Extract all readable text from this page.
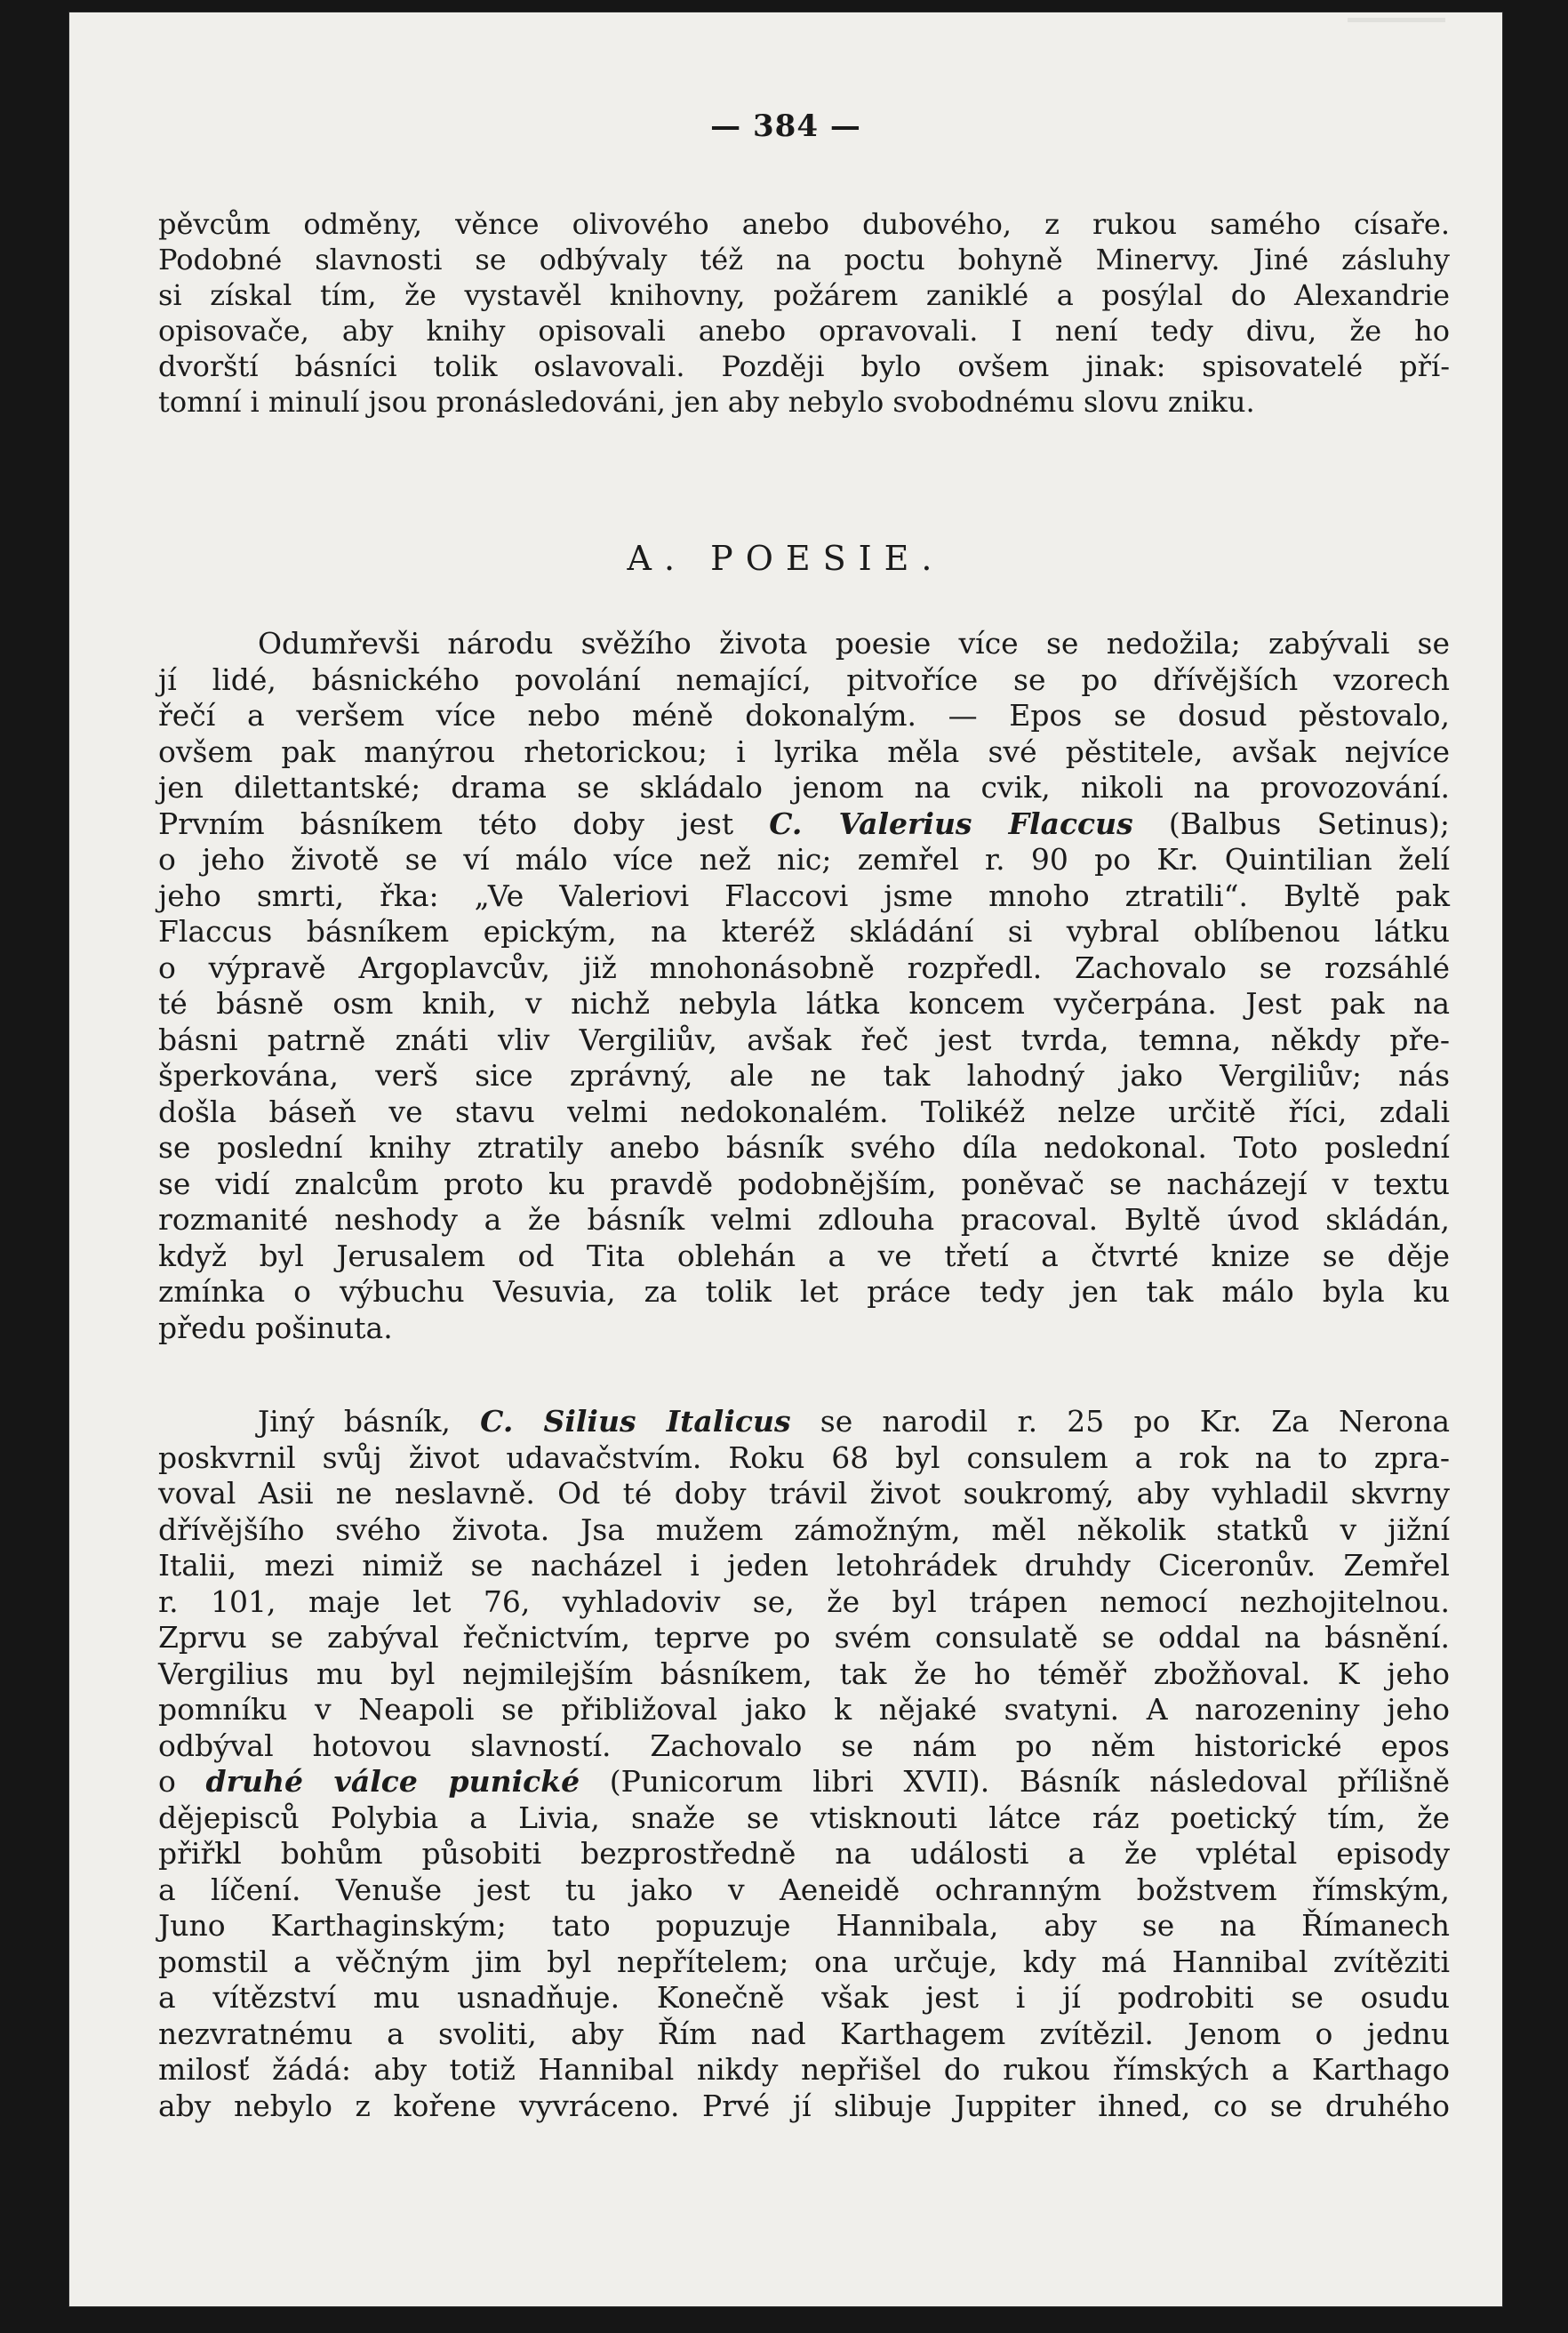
— 384 —
pěvcům odměny, věnce olivového anebo dubového, z rukou samého císaře.
Podobné slavnosti se odbývaly též na poctu bohyně Minervy. Jiné zásluhy
si získal tím, že vystavěl knihovny, požárem zaniklé a posýlal do Alexandrie
opisovače, aby knihy opisovali anebo opravovali. I není tedy divu, že ho
dvorští básníci tolik oslavovali. Později bylo ovšem jinak: spisovatelé pří-
tomní i minulí jsou pronásledováni, jen aby nebylo svobodnému slovu zniku.
A. POESIE.
Odumřevši národu svěžího života poesie více se nedožila; zabývali se
jí lidé, básnického povolání nemající, pitvoříce se po dřívějších vzorech
řečí a veršem více nebo méně dokonalým. — Epos se dosud pěstovalo,
ovšem pak manýrou rhetorickou; i lyrika měla své pěstitele, avšak nejvíce
jen dilettantské; drama se skládalo jenom na cvik, nikoli na provozování.
Prvním básníkem této doby jest C. Valerius Flaccus (Balbus Setinus);
o jeho životě se ví málo více než nic; zemřel r. 90 po Kr. Quintilian želí
jeho smrti, řka: „Ve Valeriovi Flaccovi jsme mnoho ztratili“. Byltě pak
Flaccus básníkem epickým, na kteréž skládání si vybral oblíbenou látku
o výpravě Argoplavcův, již mnohonásobně rozpředl. Zachovalo se rozsáhlé
té básně osm knih, v nichž nebyla látka koncem vyčerpána. Jest pak na
básni patrně znáti vliv Vergiliův, avšak řeč jest tvrda, temna, někdy pře-
šperkována, verš sice zprávný, ale ne tak lahodný jako Vergiliův; nás
došla báseň ve stavu velmi nedokonalém. Tolikéž nelze určitě říci, zdali
se poslední knihy ztratily anebo básník svého díla nedokonal. Toto poslední
se vidí znalcům proto ku pravdě podobnějším, poněvač se nacházejí v textu
rozmanité neshody a že básník velmi zdlouha pracoval. Byltě úvod skládán,
když byl Jerusalem od Tita oblehán a ve třetí a čtvrté knize se děje
zmínka o výbuchu Vesuvia, za tolik let práce tedy jen tak málo byla ku
předu pošinuta.
Jiný básník, C. Silius Italicus se narodil r. 25 po Kr. Za Nerona
poskvrnil svůj život udavačstvím. Roku 68 byl consulem a rok na to zpra-
voval Asii ne neslavně. Od té doby trávil život soukromý, aby vyhladil skvrny
dřívějšího svého života. Jsa mužem zámožným, měl několik statků v jižní
Italii, mezi nimiž se nacházel i jeden letohrádek druhdy Ciceronův. Zemřel
r. 101, maje let 76, vyhladoviv se, že byl trápen nemocí nezhojitelnou.
Zprvu se zabýval řečnictvím, teprve po svém consulatě se oddal na básnění.
Vergilius mu byl nejmilejším básníkem, tak že ho téměř zbožňoval. K jeho
pomníku v Neapoli se přibližoval jako k nějaké svatyni. A narozeniny jeho
odbýval hotovou slavností. Zachovalo se nám po něm historické epos
o druhé válce punické (Punicorum libri XVII). Básník následoval přílišně
dějepisců Polybia a Livia, snaže se vtisknouti látce ráz poetický tím, že
přiřkl bohům působiti bezprostředně na události a že vplétal episody
a líčení. Venuše jest tu jako v Aeneidě ochranným božstvem římským,
Juno Karthaginským; tato popuzuje Hannibala, aby se na Římanech
pomstil a věčným jim byl nepřítelem; ona určuje, kdy má Hannibal zvítěziti
a vítězství mu usnadňuje. Konečně však jest i jí podrobiti se osudu
nezvratnému a svoliti, aby Řím nad Karthagem zvítězil. Jenom o jednu
milosť žádá: aby totiž Hannibal nikdy nepřišel do rukou římských a Karthago
aby nebylo z kořene vyvráceno. Prvé jí slibuje Juppiter ihned, co se druhého
